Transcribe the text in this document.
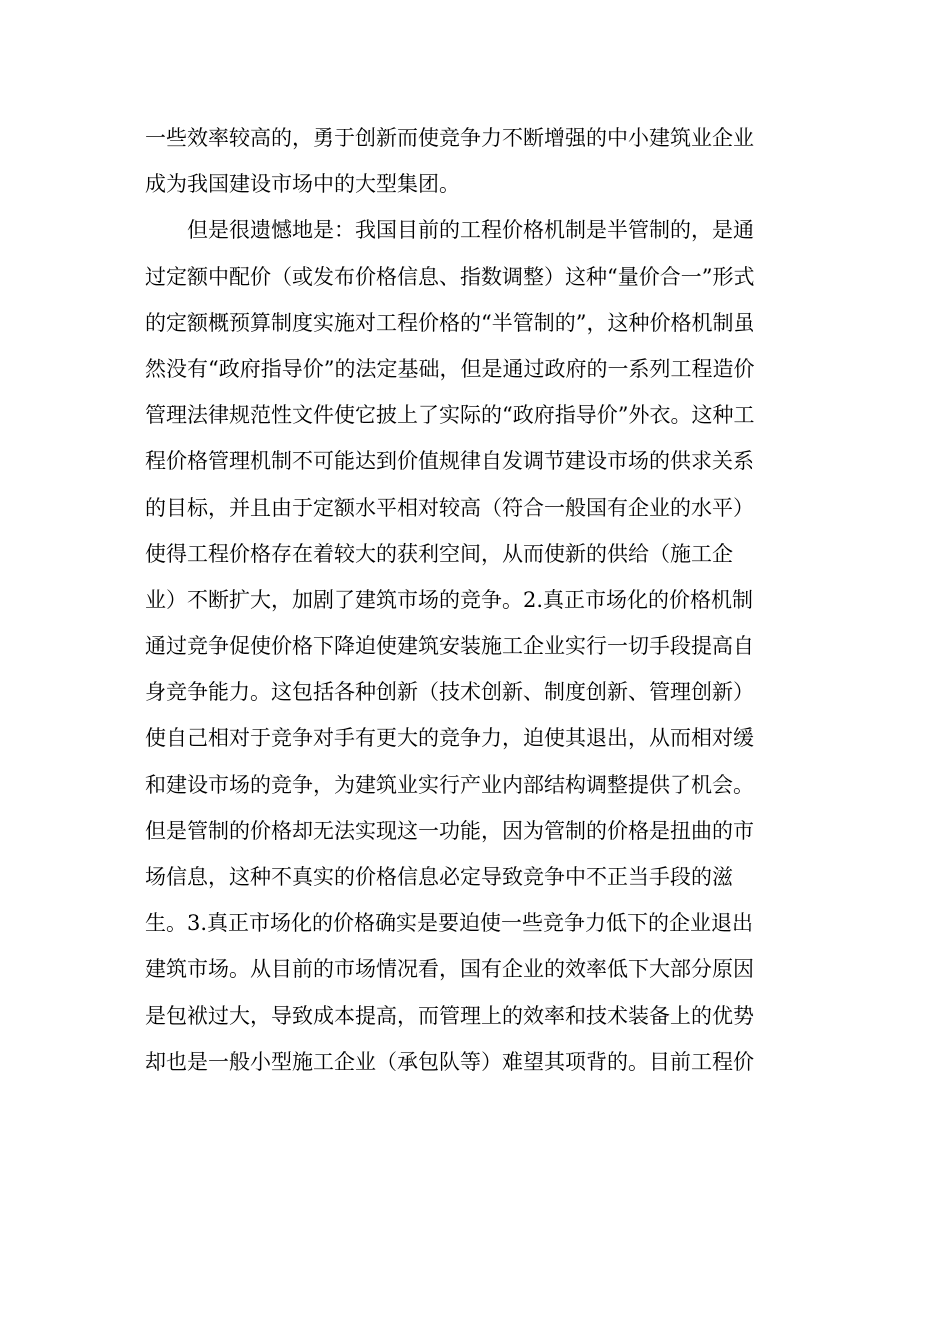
一些效率较高的，勇于创新而使竞争力不断增强的中小建筑业企业
成为我国建设市场中的大型集团。
但是很遗憾地是：我国目前的工程价格机制是半管制的，是通
过定额中配价（或发布价格信息、指数调整）这种“量价合一”形式
的定额概预算制度实施对工程价格的“半管制的”，这种价格机制虽
然没有“政府指导价”的法定基础，但是通过政府的一系列工程造价
管理法律规范性文件使它披上了实际的“政府指导价”外衣。这种工
程价格管理机制不可能达到价值规律自发调节建设市场的供求关系
的目标，并且由于定额水平相对较高（符合一般国有企业的水平）
使得工程价格存在着较大的获利空间，从而使新的供给（施工企
业）不断扩大，加剧了建筑市场的竞争。2.真正市场化的价格机制
通过竞争促使价格下降迫使建筑安装施工企业实行一切手段提高自
身竞争能力。这包括各种创新（技术创新、制度创新、管理创新）
使自己相对于竞争对手有更大的竞争力，迫使其退出，从而相对缓
和建设市场的竞争，为建筑业实行产业内部结构调整提供了机会。
但是管制的价格却无法实现这一功能，因为管制的价格是扭曲的市
场信息，这种不真实的价格信息必定导致竞争中不正当手段的滋
生。3.真正市场化的价格确实是要迫使一些竞争力低下的企业退出
建筑市场。从目前的市场情况看，国有企业的效率低下大部分原因
是包袱过大，导致成本提高，而管理上的效率和技术装备上的优势
却也是一般小型施工企业（承包队等）难望其项背的。目前工程价
